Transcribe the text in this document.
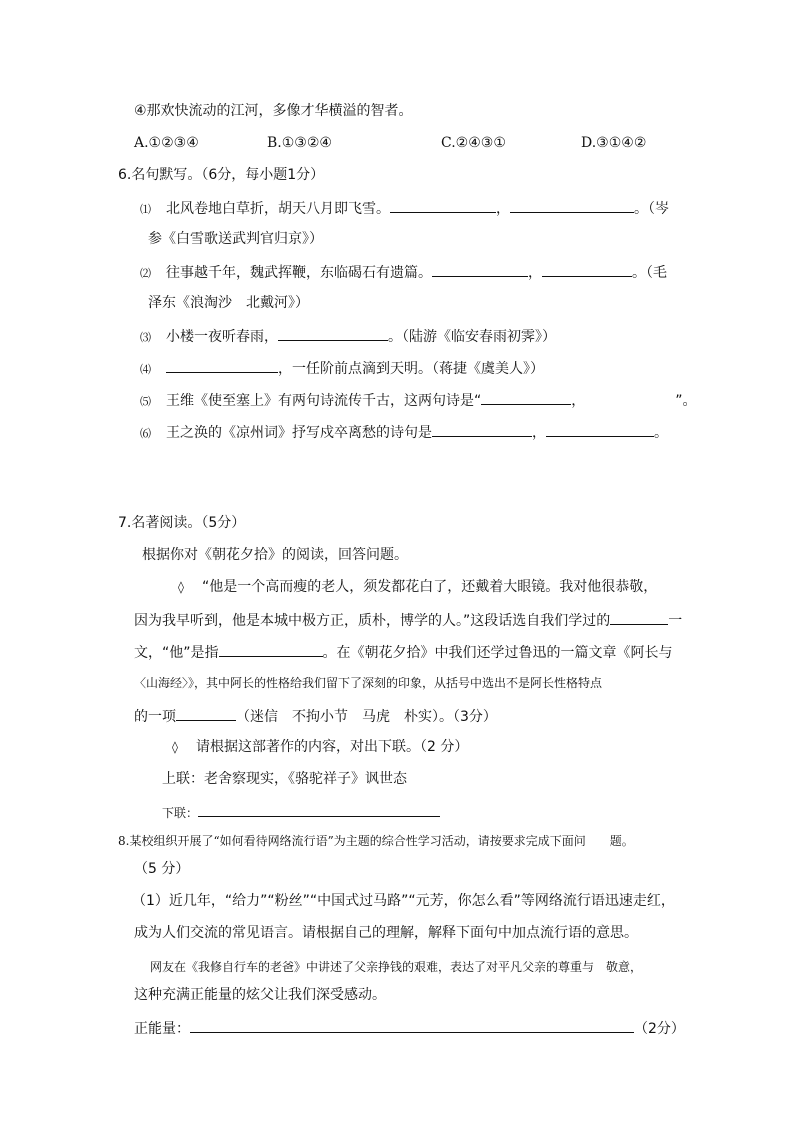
④那欢快流动的江河，多像才华横溢的智者。
A.①②③④	B.①③②④	C.②④③①	D.③①④②
6.名句默写。（6分，每小题1分）
⑴ 北风卷地白草折，胡天八月即飞雪。	，	。（岑
参《白雪歌送武判官归京》）
⑵ 往事越千年，魏武挥鞭，东临碣石有遗篇。	，	。（毛
泽东《浪淘沙　北戴河》）
⑶ 小楼一夜听春雨，	。（陆游《临安春雨初霁》）
⑷	，一任阶前点滴到天明。（蒋捷《虞美人》）
⑸ 王维《使至塞上》有两句诗流传千古，这两句诗是“	，	”。
⑹ 王之涣的《凉州词》抒写戍卒离愁的诗句是	，	。
7.名著阅读。（5分）
根据你对《朝花夕拾》的阅读，回答问题。
◊ “他是一个高而瘦的老人，须发都花白了，还戴着大眼镜。我对他很恭敬，
因为我早听到，他是本城中极方正，质朴，博学的人。”这段话选自我们学过的	一
文，“他”是指	。在《朝花夕拾》中我们还学过鲁迅的一篇文章《阿长与
〈山海经〉》，其中阿长的性格给我们留下了深刻的印象，从括号中选出不是阿长性格特点
的一项	（迷信　不拘小节　马虎　朴实）。（3分）
◊ 请根据这部著作的内容，对出下联。（2 分）
上联：老舍察现实，《骆驼祥子》讽世态
下联：
8.某校组织开展了“如何看待网络流行语”为主题的综合性学习活动，请按要求完成下面问　　题。
（5 分）
（1）近几年，“给力”“粉丝”“中国式过马路”“元芳，你怎么看”等网络流行语迅速走红，
成为人们交流的常见语言。请根据自己的理解，解释下面句中加点流行语的意思。
网友在《我修自行车的老爸》中讲述了父亲挣钱的艰难，表达了对平凡父亲的尊重与　敬意，
这种充满正能量的炫父让我们深受感动。
正能量：	（2分）
